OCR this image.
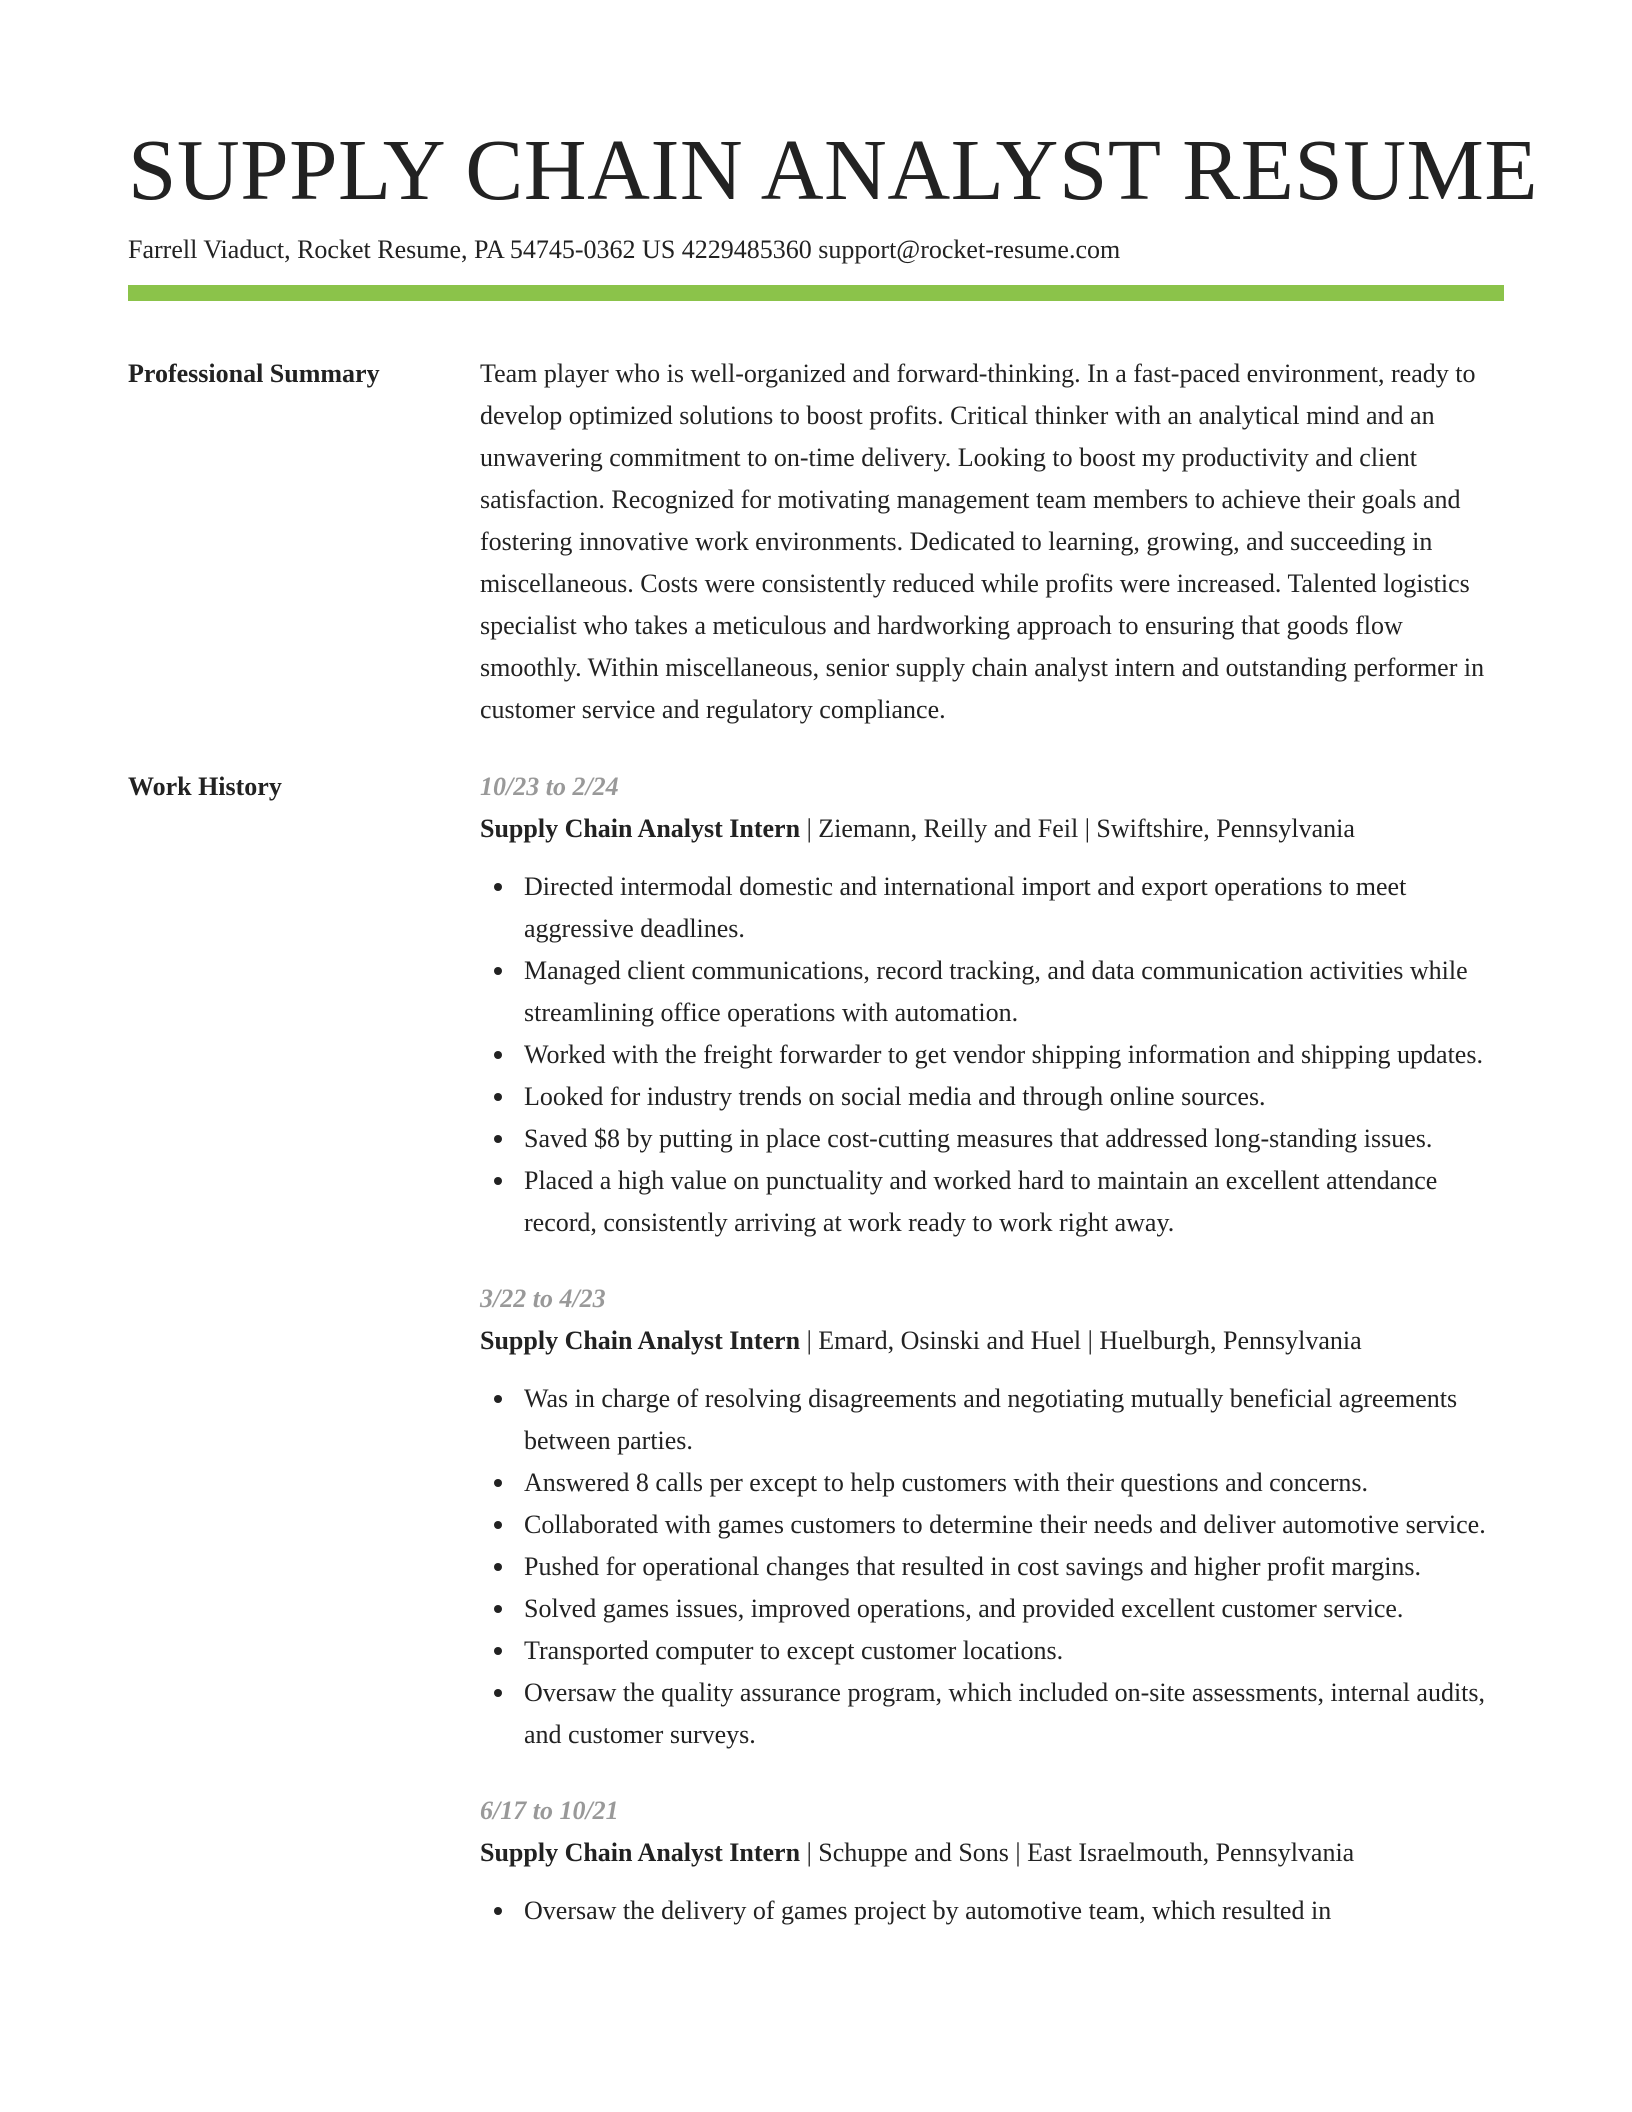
SUPPLY CHAIN ANALYST RESUME
Farrell Viaduct, Rocket Resume, PA 54745-0362 US 4229485360 support@rocket-resume.com
Professional Summary	Team player who is well-organized and forward-thinking. In a fast-paced environment, ready to develop optimized solutions to boost profits. Critical thinker with an analytical mind and an unwavering commitment to on-time delivery. Looking to boost my productivity and client satisfaction. Recognized for motivating management team members to achieve their goals and fostering innovative work environments. Dedicated to learning, growing, and succeeding in miscellaneous. Costs were consistently reduced while profits were increased. Talented logistics specialist who takes a meticulous and hardworking approach to ensuring that goods flow smoothly. Within miscellaneous, senior supply chain analyst intern and outstanding performer in customer service and regulatory compliance.

Work History	10/23 to 2/24
Supply Chain Analyst Intern | Ziemann, Reilly and Feil | Swiftshire, Pennsylvania
Directed intermodal domestic and international import and export operations to meet aggressive deadlines.
Managed client communications, record tracking, and data communication activities while streamlining office operations with automation.
Worked with the freight forwarder to get vendor shipping information and shipping updates.
Looked for industry trends on social media and through online sources.
Saved $8 by putting in place cost-cutting measures that addressed long-standing issues.
Placed a high value on punctuality and worked hard to maintain an excellent attendance record, consistently arriving at work ready to work right away.
3/22 to 4/23
Supply Chain Analyst Intern | Emard, Osinski and Huel | Huelburgh, Pennsylvania
Was in charge of resolving disagreements and negotiating mutually beneficial agreements between parties.
Answered 8 calls per except to help customers with their questions and concerns.
Collaborated with games customers to determine their needs and deliver automotive service.
Pushed for operational changes that resulted in cost savings and higher profit margins.
Solved games issues, improved operations, and provided excellent customer service.
Transported computer to except customer locations.
Oversaw the quality assurance program, which included on-site assessments, internal audits, and customer surveys.
6/17 to 10/21
Supply Chain Analyst Intern | Schuppe and Sons | East Israelmouth, Pennsylvania
Oversaw the delivery of games project by automotive team, which resulted in
